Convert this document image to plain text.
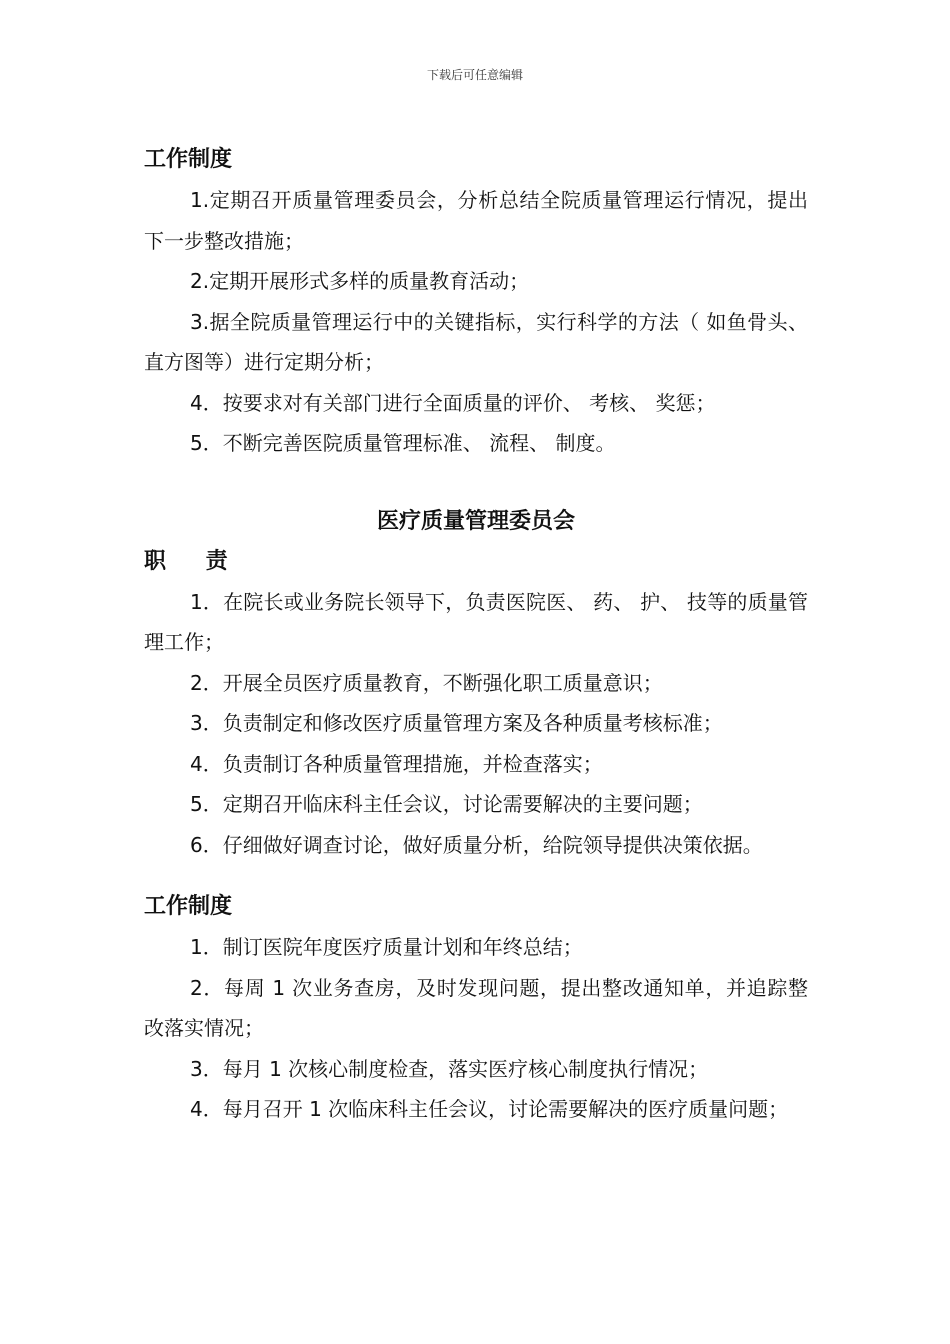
下载后可任意编辑

工作制度

1.定期召开质量管理委员会，分析总结全院质量管理运行情况，提出下一步整改措施；

2.定期开展形式多样的质量教育活动；

3.据全院质量管理运行中的关键指标，实行科学的方法（ 如鱼骨头、 直方图等）进行定期分析；

4．按要求对有关部门进行全面质量的评价、 考核、 奖惩；

5．不断完善医院质量管理标准、 流程、 制度。

医疗质量管理委员会

职 责

1．在院长或业务院长领导下，负责医院医、 药、 护、 技等的质量管理工作；

2．开展全员医疗质量教育，不断强化职工质量意识；

3．负责制定和修改医疗质量管理方案及各种质量考核标准；

4．负责制订各种质量管理措施，并检查落实；

5．定期召开临床科主任会议，讨论需要解决的主要问题；

6．仔细做好调查讨论，做好质量分析，给院领导提供决策依据。

工作制度

1．制订医院年度医疗质量计划和年终总结；

2．每周 1 次业务查房，及时发现问题，提出整改通知单，并追踪整改落实情况；

3．每月 1 次核心制度检查，落实医疗核心制度执行情况；

4．每月召开 1 次临床科主任会议，讨论需要解决的医疗质量问题；
